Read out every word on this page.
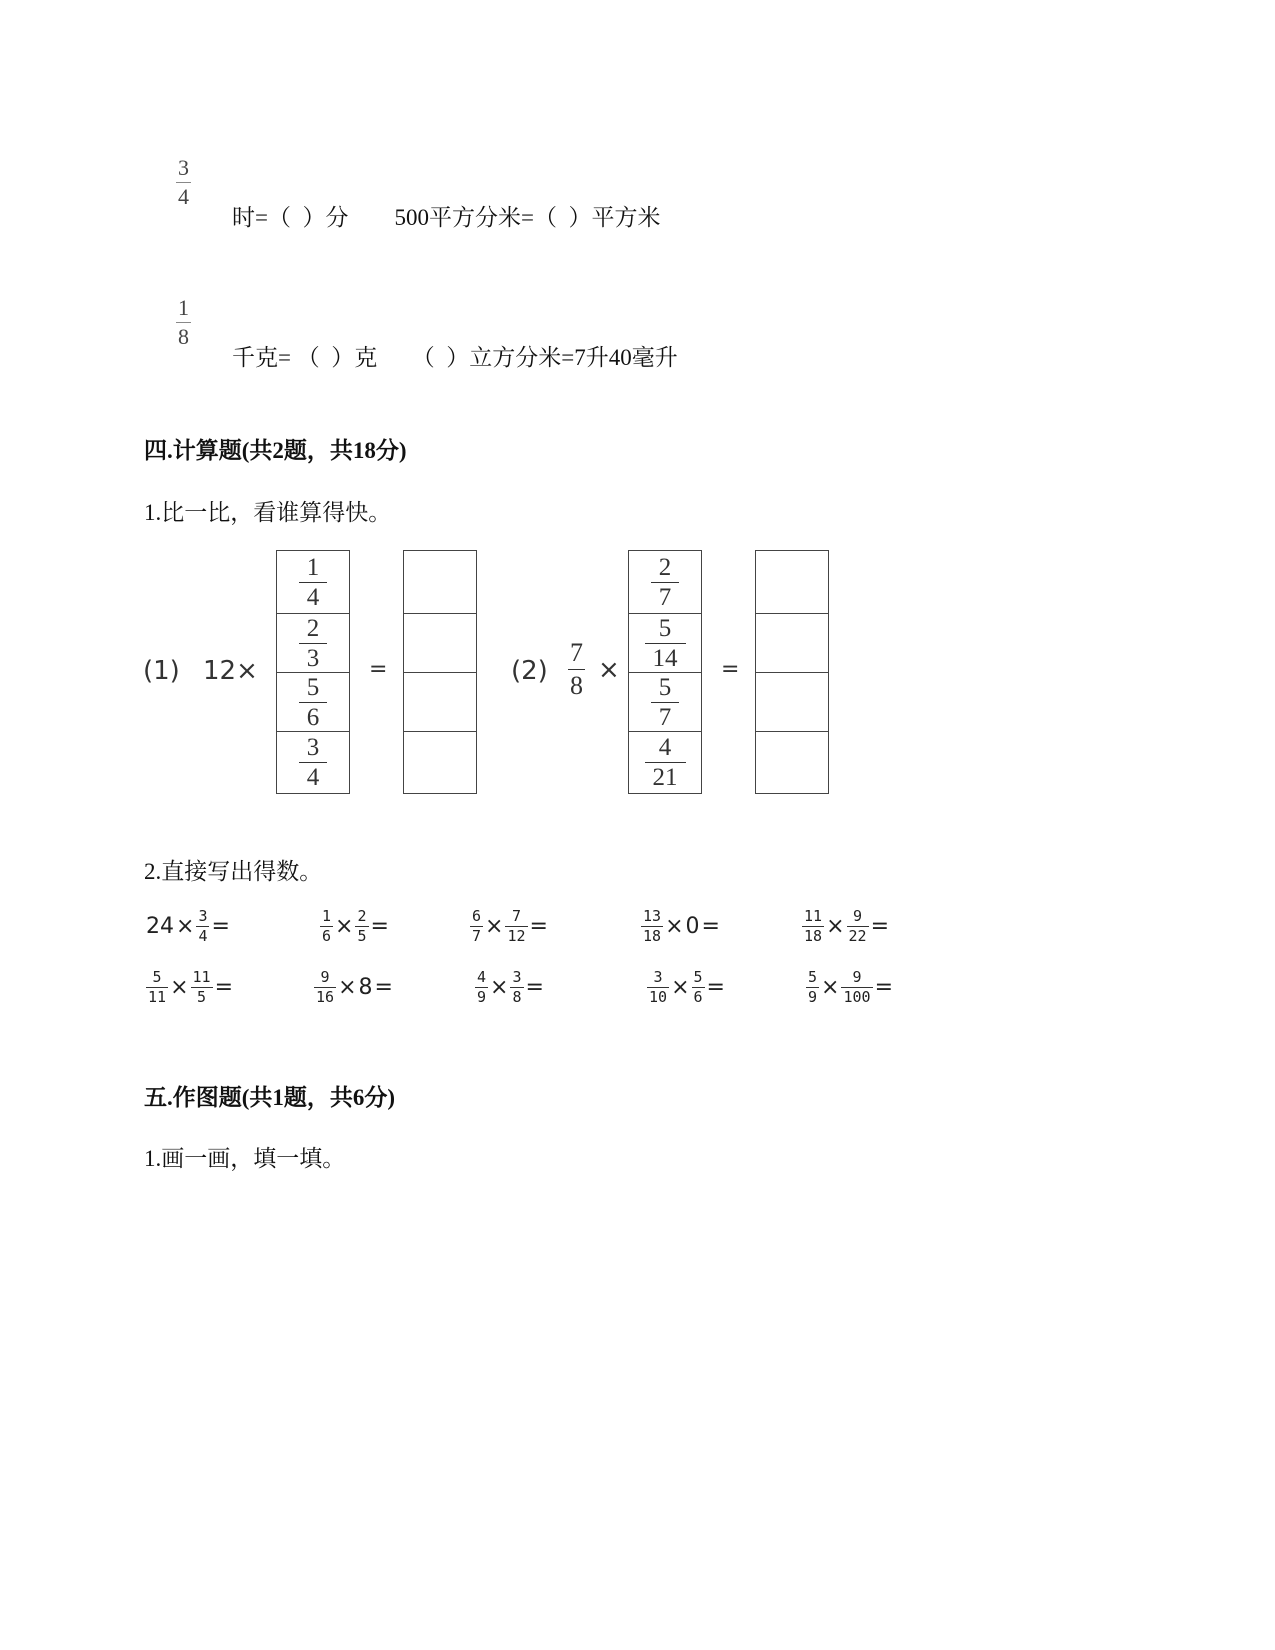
3
4
时=（  ）分        500平方分米=（  ）平方米
1
8
千克= （  ）克      （  ）立方分米=7升40毫升
四.计算题(共2题，共18分)
1.比一比，看谁算得快。
(1) 12×
$\frac{1}{4}$
$\frac{2}{3}$
$\frac{5}{6}$
$\frac{3}{4}$
=	(2)
7
8
×
$\frac{2}{7}$
$\frac{5}{14}$
$\frac{5}{7}$
$\frac{4}{21}$
=
2.直接写出得数。
$24 \times \frac{3}{4}$ =	$\frac{1}{6} \times \frac{2}{5}$ =	$\frac{6}{7} \times \frac{7}{12}$ =	$\frac{13}{18} \times 0$ =	$\frac{11}{18} \times \frac{9}{22}$ =
$\frac{5}{11} \times \frac{11}{5}$ =	$\frac{9}{16} \times 8$ =	$\frac{4}{9} \times \frac{3}{8}$ =	$\frac{3}{10} \times \frac{5}{6}$ =	$\frac{5}{9} \times \frac{9}{100}$ =
五.作图题(共1题，共6分)
1.画一画，填一填。
